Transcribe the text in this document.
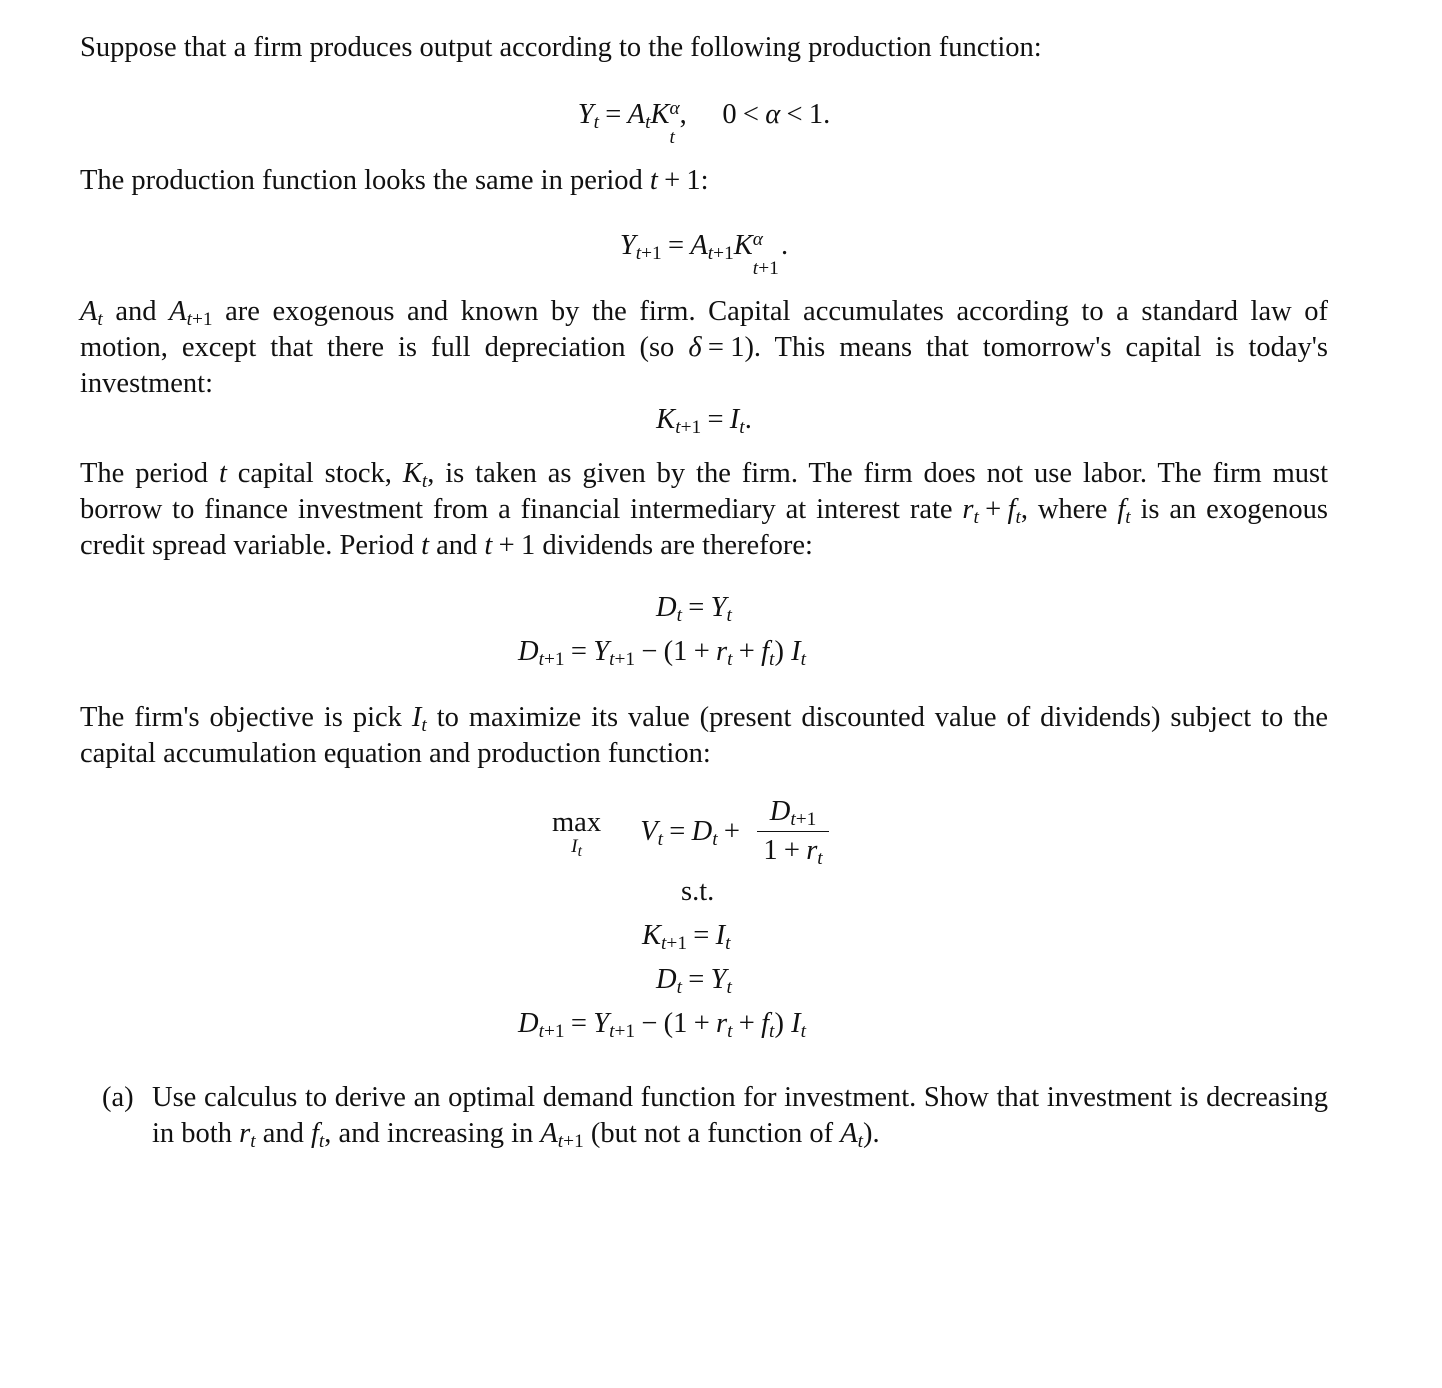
Suppose that a firm produces output according to the following production function:
$Y_t = A_tK^\alpha$
t
,     0 < α < 1.
The production function looks the same in period t + 1:
$Y_{t+1} = A_{t+1}K^\alpha$
t+1
.
$A_t$ and $A_{t+1}$ are exogenous and known by the firm. Capital accumulates according to a standard law of motion, except that there is full depreciation (so δ = 1). This means that tomorrow's capital is today's investment:
$K_{t+1} = I_t$.
The period t capital stock, $K_t$, is taken as given by the firm. The firm does not use labor. The firm must borrow to finance investment from a financial intermediary at interest rate $r_t + f_t$, where $f_t$ is an exogenous credit spread variable. Period t and t + 1 dividends are therefore:
$D_t = Y_t$
$D_{t+1} = Y_{t+1} - (1 + r_t + f_t)$ $I_t$
The firm's objective is pick $I_t$ to maximize its value (present discounted value of dividends) subject to the capital accumulation equation and production function:
max
$I_t$
$V_t = D_t + \frac{D_{t+1}}{1 + r_t}$
s.t.
$K_{t+1} = I_t$
$D_t = Y_t$
$D_{t+1} = Y_{t+1} - (1 + r_t + f_t)$ $I_t$
(a) Use calculus to derive an optimal demand function for investment. Show that investment is decreasing in both $r_t$ and $f_t$, and increasing in $A_{t+1}$ (but not a function of $A_t$).
